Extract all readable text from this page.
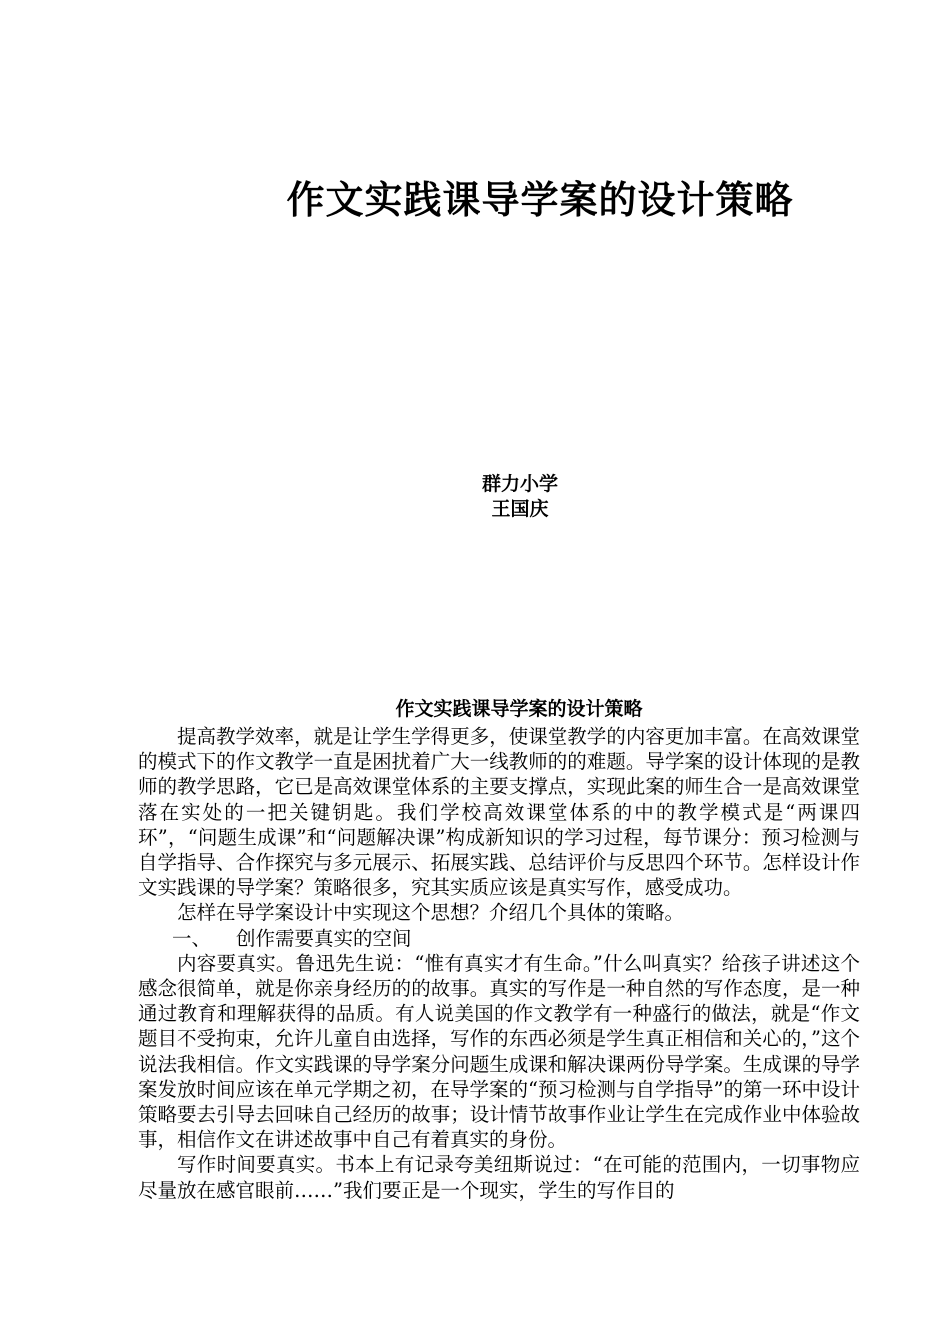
作文实践课导学案的设计策略
群力小学
王国庆
作文实践课导学案的设计策略

提高教学效率，就是让学生学得更多，使课堂教学的内容更加丰富。在高效课堂的模式下的作文教学一直是困扰着广大一线教师的的难题。导学案的设计体现的是教师的教学思路，它已是高效课堂体系的主要支撑点，实现此案的师生合一是高效课堂落在实处的一把关键钥匙。我们学校高效课堂体系的中的教学模式是“两课四环”，“问题生成课”和“问题解决课”构成新知识的学习过程，每节课分：预习检测与自学指导、合作探究与多元展示、拓展实践、总结评价与反思四个环节。怎样设计作文实践课的导学案？策略很多，究其实质应该是真实写作，感受成功。

怎样在导学案设计中实现这个思想？介绍几个具体的策略。

一、 创作需要真实的空间

内容要真实。鲁迅先生说：“惟有真实才有生命。”什么叫真实？给孩子讲述这个感念很简单，就是你亲身经历的的故事。真实的写作是一种自然的写作态度，是一种通过教育和理解获得的品质。有人说美国的作文教学有一种盛行的做法，就是“作文题目不受拘束，允许儿童自由选择，写作的东西必须是学生真正相信和关心的，”这个说法我相信。作文实践课的导学案分问题生成课和解决课两份导学案。生成课的导学案发放时间应该在单元学期之初，在导学案的“预习检测与自学指导”的第一环中设计策略要去引导去回味自己经历的故事；设计情节故事作业让学生在完成作业中体验故事，相信作文在讲述故事中自己有着真实的身份。

写作时间要真实。书本上有记录夸美纽斯说过：“在可能的范围内，一切事物应尽量放在感官眼前……”我们要正是一个现实，学生的写作目的
